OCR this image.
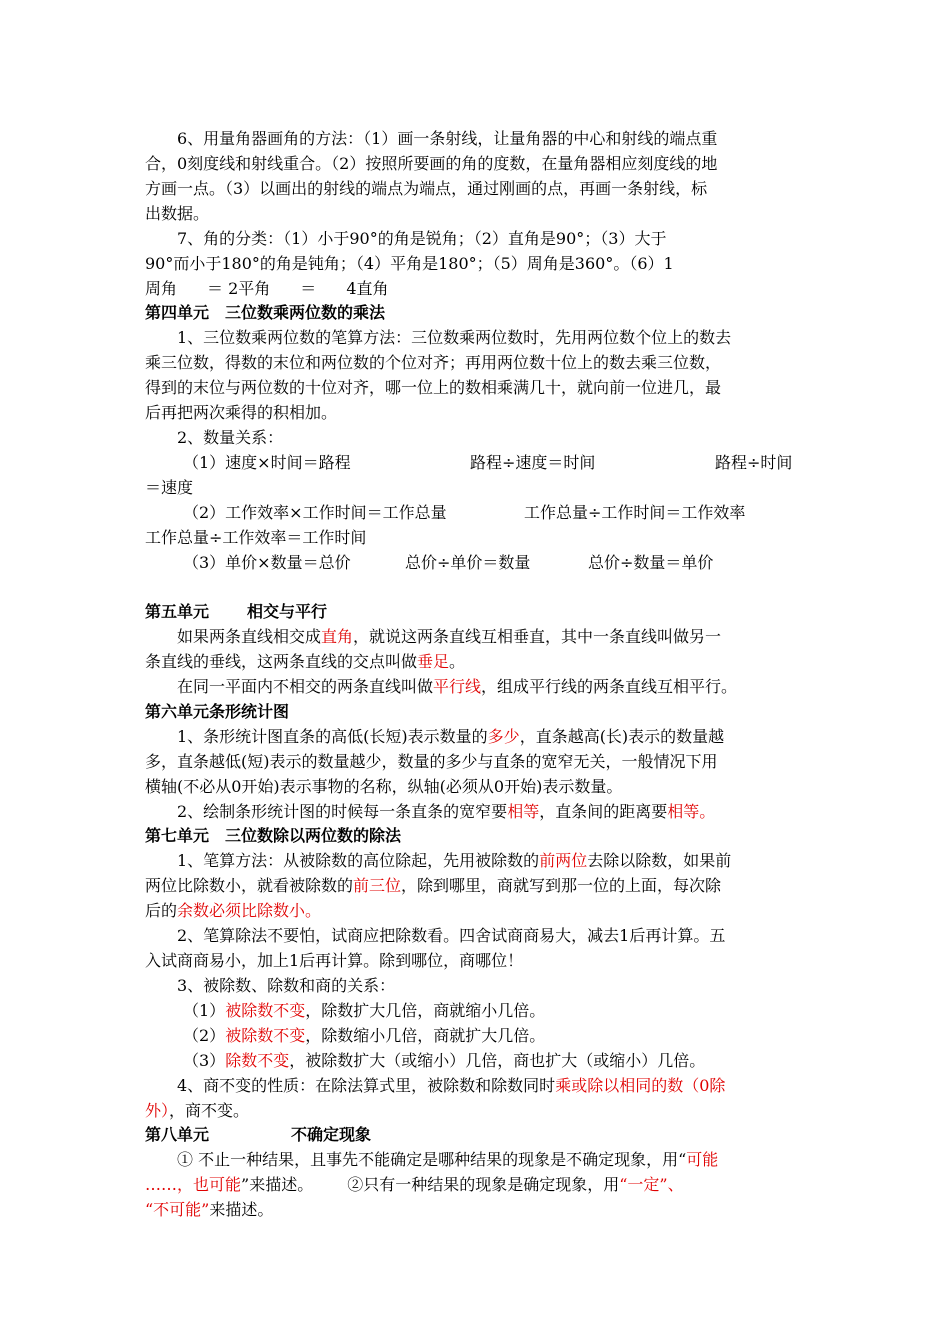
6、用量角器画角的方法：（1）画一条射线，让量角器的中心和射线的端点重
合，0刻度线和射线重合。（2）按照所要画的角的度数，在量角器相应刻度线的地
方画一点。（3）以画出的射线的端点为端点，通过刚画的点，再画一条射线，标
出数据。
7、角的分类：（1）小于90°的角是锐角；（2）直角是90°；（3）大于
90°而小于180°的角是钝角；（4）平角是180°；（5）周角是360°。（6）1
周角 ＝ 2平角 ＝ 4直角
第四单元　三位数乘两位数的乘法
1、三位数乘两位数的笔算方法：三位数乘两位数时，先用两位数个位上的数去
乘三位数，得数的末位和两位数的个位对齐；再用两位数十位上的数去乘三位数，
得到的末位与两位数的十位对齐，哪一位上的数相乘满几十，就向前一位进几，最
后再把两次乘得的积相加。
2、数量关系：
（1）速度×时间＝路程	路程÷速度＝时间	路程÷时间
＝速度
（2）工作效率×工作时间＝工作总量	工作总量÷工作时间＝工作效率
工作总量÷工作效率＝工作时间
（3）单价×数量＝总价	总价÷单价＝数量	总价÷数量＝单价
第五单元 相交与平行
如果两条直线相交成直角，就说这两条直线互相垂直，其中一条直线叫做另一
条直线的垂线，这两条直线的交点叫做垂足。
在同一平面内不相交的两条直线叫做平行线，组成平行线的两条直线互相平行。
第六单元条形统计图
1、条形统计图直条的高低(长短)表示数量的多少，直条越高(长)表示的数量越
多，直条越低(短)表示的数量越少，数量的多少与直条的宽窄无关，一般情况下用
横轴(不必从0开始)表示事物的名称，纵轴(必须从0开始)表示数量。
2、绘制条形统计图的时候每一条直条的宽窄要相等，直条间的距离要相等。
第七单元　三位数除以两位数的除法
1、笔算方法：从被除数的高位除起，先用被除数的前两位去除以除数，如果前
两位比除数小，就看被除数的前三位，除到哪里，商就写到那一位的上面，每次除
后的余数必须比除数小。
2、笔算除法不要怕，试商应把除数看。四舍试商商易大，减去1后再计算。五
入试商商易小，加上1后再计算。除到哪位，商哪位！
3、被除数、除数和商的关系：
（1）被除数不变，除数扩大几倍，商就缩小几倍。
（2）被除数不变，除数缩小几倍，商就扩大几倍。
（3）除数不变，被除数扩大（或缩小）几倍，商也扩大（或缩小）几倍。
4、商不变的性质：在除法算式里，被除数和除数同时乘或除以相同的数（0除
外），商不变。
第八单元	不确定现象
① 不止一种结果，且事先不能确定是哪种结果的现象是不确定现象，用“可能
……，也可能”来描述。 ②只有一种结果的现象是确定现象，用“一定”、
“不可能”来描述。
